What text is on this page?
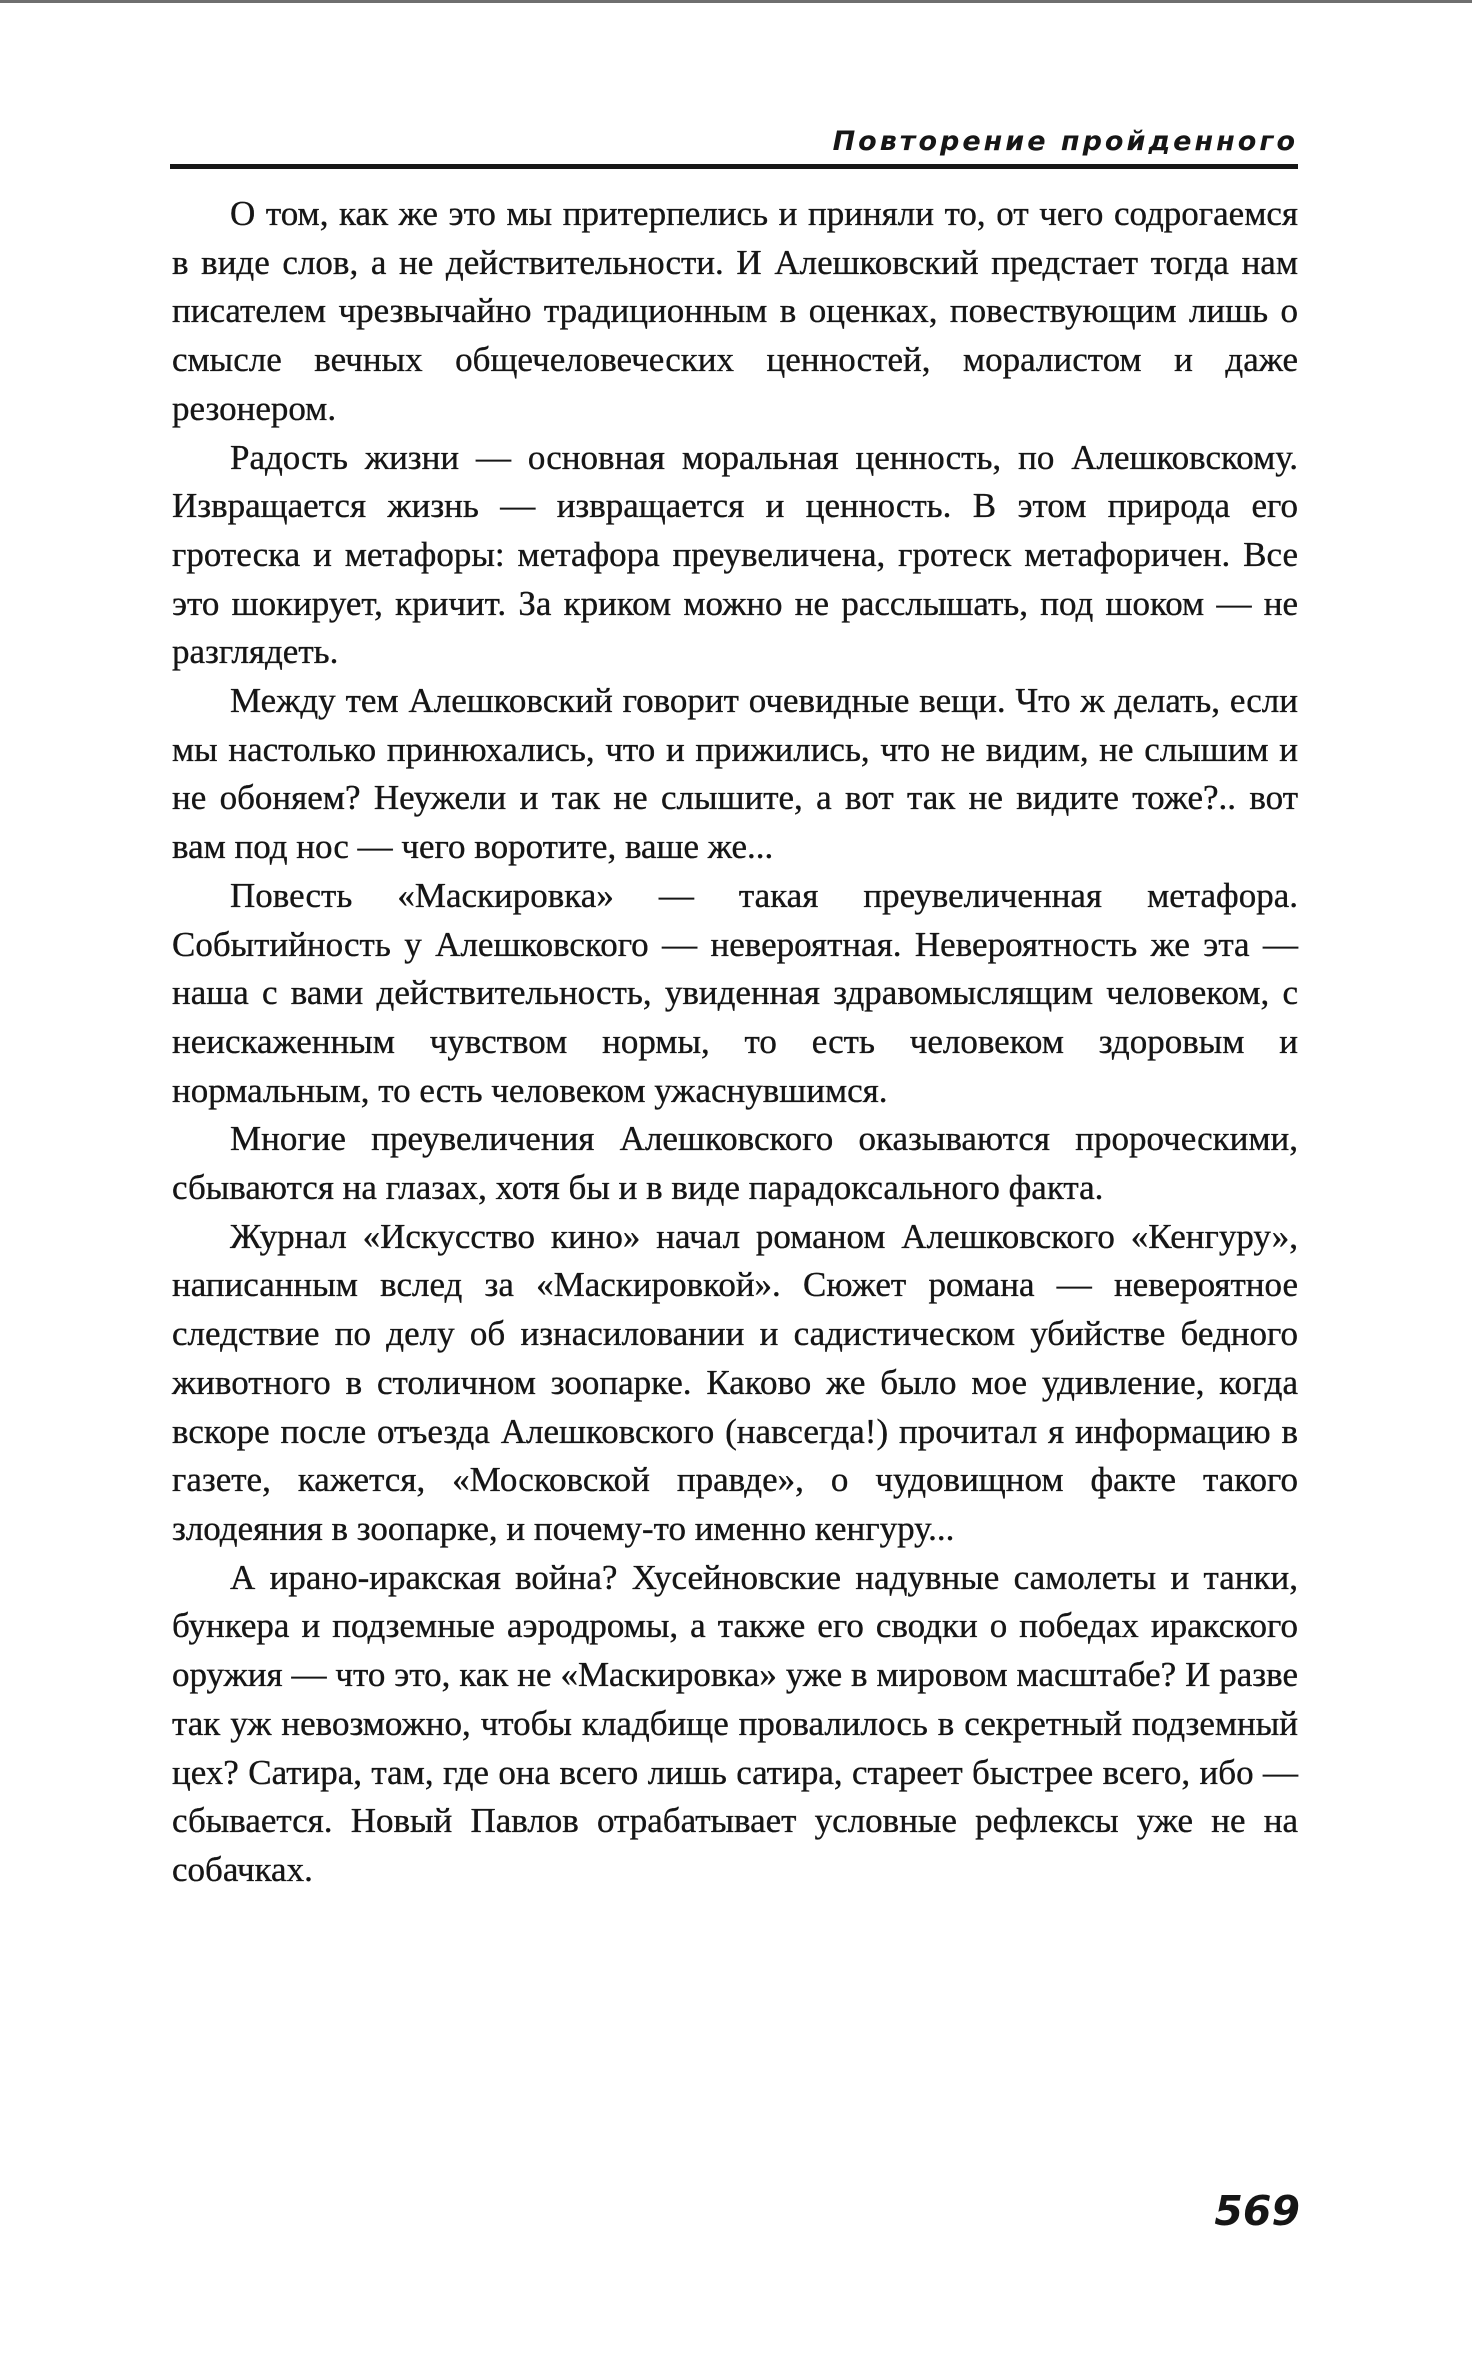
Повторение пройденного

О том, как же это мы притерпелись и приняли то, от чего содрогаемся в виде слов, а не действительности. И Алешковский предстает тогда нам писателем чрезвычайно традиционным в оценках, повествующим лишь о смысле вечных общечеловеческих ценностей, моралистом и даже резонером.

Радость жизни — основная моральная ценность, по Алешковскому. Извращается жизнь — извращается и ценность. В этом природа его гротеска и метафоры: метафора преувеличена, гротеск метафоричен. Все это шокирует, кричит. За криком можно не расслышать, под шоком — не разглядеть.

Между тем Алешковский говорит очевидные вещи. Что ж делать, если мы настолько принюхались, что и прижились, что не видим, не слышим и не обоняем? Неужели и так не слышите, а вот так не видите тоже?.. вот вам под нос — чего воротите, ваше же...

Повесть «Маскировка» — такая преувеличенная метафора. Событийность у Алешковского — невероятная. Невероятность же эта — наша с вами действительность, увиденная здравомыслящим человеком, с неискаженным чувством нормы, то есть человеком здоровым и нормальным, то есть человеком ужаснувшимся.

Многие преувеличения Алешковского оказываются пророческими, сбываются на глазах, хотя бы и в виде парадоксального факта.

Журнал «Искусство кино» начал романом Алешковского «Кенгуру», написанным вслед за «Маскировкой». Сюжет романа — невероятное следствие по делу об изнасиловании и садистическом убийстве бедного животного в столичном зоопарке. Каково же было мое удивление, когда вскоре после отъезда Алешковского (навсегда!) прочитал я информацию в газете, кажется, «Московской правде», о чудовищном факте такого злодеяния в зоопарке, и почему-то именно кенгуру...

А ирано-иракская война? Хусейновские надувные самолеты и танки, бункера и подземные аэродромы, а также его сводки о победах иракского оружия — что это, как не «Маскировка» уже в мировом масштабе? И разве так уж невозможно, чтобы кладбище провалилось в секретный подземный цех? Сатира, там, где она всего лишь сатира, стареет быстрее всего, ибо — сбывается. Новый Павлов отрабатывает условные рефлексы уже не на собачках.

569
